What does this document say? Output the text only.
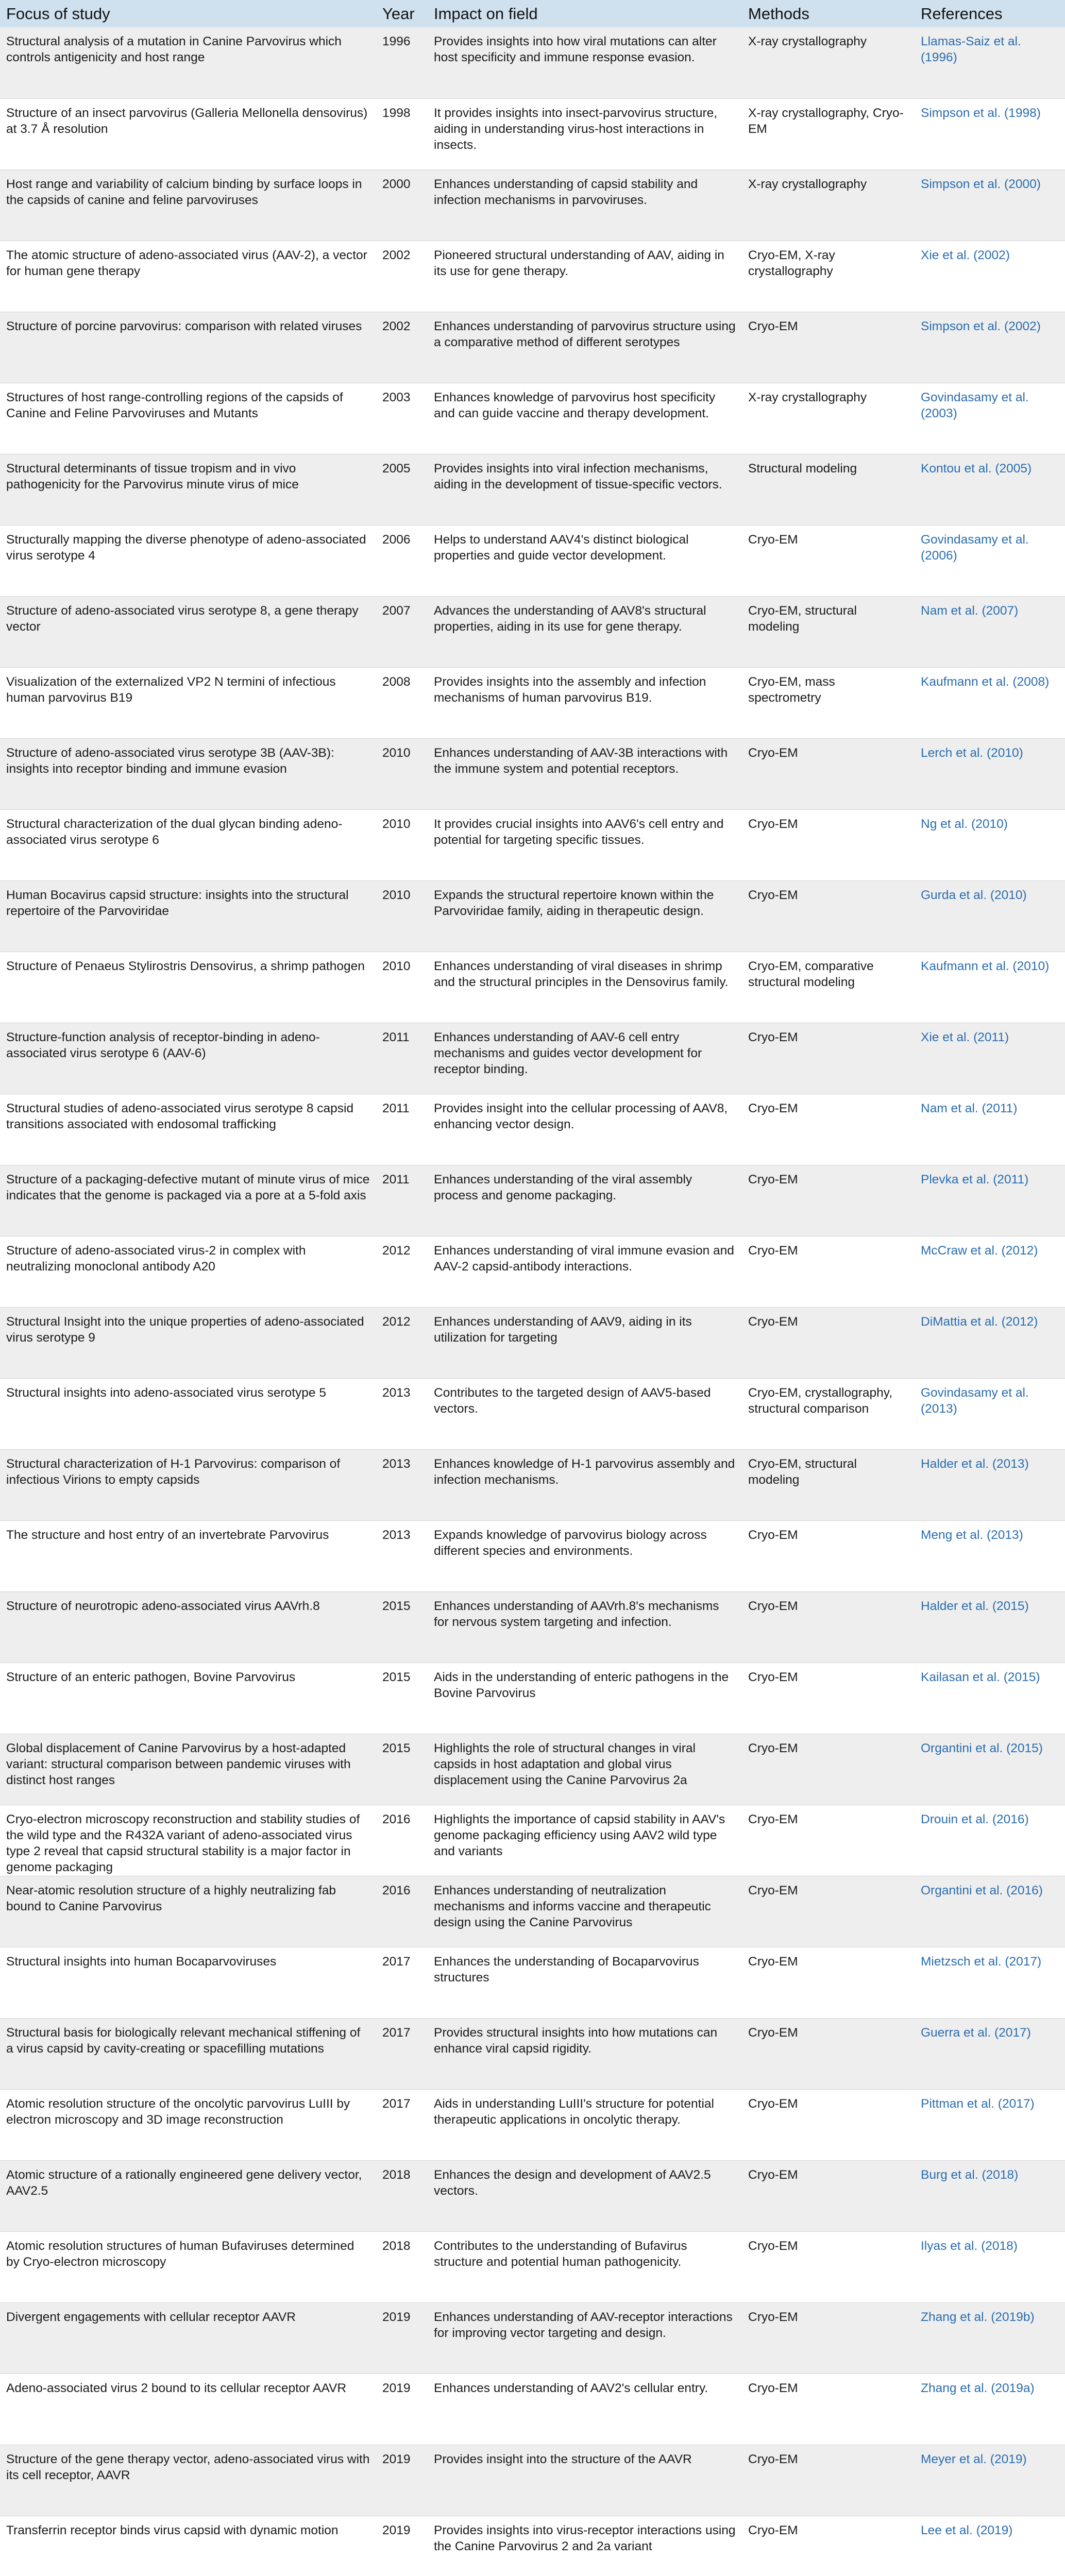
Focus of study	Year	Impact on field	Methods	References
Structural analysis of a mutation in Canine Parvovirus which controls antigenicity and host range	1996	Provides insights into how viral mutations can alter host specificity and immune response evasion.	X-ray crystallography	Llamas-Saiz et al. (1996)
Structure of an insect parvovirus (Galleria Mellonella densovirus) at 3.7 Å resolution	1998	It provides insights into insect-parvovirus structure, aiding in understanding virus-host interactions in insects.	X-ray crystallography, Cryo-EM	Simpson et al. (1998)
Host range and variability of calcium binding by surface loops in the capsids of canine and feline parvoviruses	2000	Enhances understanding of capsid stability and infection mechanisms in parvoviruses.	X-ray crystallography	Simpson et al. (2000)
The atomic structure of adeno-associated virus (AAV-2), a vector for human gene therapy	2002	Pioneered structural understanding of AAV, aiding in its use for gene therapy.	Cryo-EM, X-ray crystallography	Xie et al. (2002)
Structure of porcine parvovirus: comparison with related viruses	2002	Enhances understanding of parvovirus structure using a comparative method of different serotypes	Cryo-EM	Simpson et al. (2002)
Structures of host range-controlling regions of the capsids of Canine and Feline Parvoviruses and Mutants	2003	Enhances knowledge of parvovirus host specificity and can guide vaccine and therapy development.	X-ray crystallography	Govindasamy et al. (2003)
Structural determinants of tissue tropism and in vivo pathogenicity for the Parvovirus minute virus of mice	2005	Provides insights into viral infection mechanisms, aiding in the development of tissue-specific vectors.	Structural modeling	Kontou et al. (2005)
Structurally mapping the diverse phenotype of adeno-associated virus serotype 4	2006	Helps to understand AAV4's distinct biological properties and guide vector development.	Cryo-EM	Govindasamy et al. (2006)
Structure of adeno-associated virus serotype 8, a gene therapy vector	2007	Advances the understanding of AAV8's structural properties, aiding in its use for gene therapy.	Cryo-EM, structural modeling	Nam et al. (2007)
Visualization of the externalized VP2 N termini of infectious human parvovirus B19	2008	Provides insights into the assembly and infection mechanisms of human parvovirus B19.	Cryo-EM, mass spectrometry	Kaufmann et al. (2008)
Structure of adeno-associated virus serotype 3B (AAV-3B): insights into receptor binding and immune evasion	2010	Enhances understanding of AAV-3B interactions with the immune system and potential receptors.	Cryo-EM	Lerch et al. (2010)
Structural characterization of the dual glycan binding adeno-associated virus serotype 6	2010	It provides crucial insights into AAV6's cell entry and potential for targeting specific tissues.	Cryo-EM	Ng et al. (2010)
Human Bocavirus capsid structure: insights into the structural repertoire of the Parvoviridae	2010	Expands the structural repertoire known within the Parvoviridae family, aiding in therapeutic design.	Cryo-EM	Gurda et al. (2010)
Structure of Penaeus Stylirostris Densovirus, a shrimp pathogen	2010	Enhances understanding of viral diseases in shrimp and the structural principles in the Densovirus family.	Cryo-EM, comparative structural modeling	Kaufmann et al. (2010)
Structure-function analysis of receptor-binding in adeno-associated virus serotype 6 (AAV-6)	2011	Enhances understanding of AAV-6 cell entry mechanisms and guides vector development for receptor binding.	Cryo-EM	Xie et al. (2011)
Structural studies of adeno-associated virus serotype 8 capsid transitions associated with endosomal trafficking	2011	Provides insight into the cellular processing of AAV8, enhancing vector design.	Cryo-EM	Nam et al. (2011)
Structure of a packaging-defective mutant of minute virus of mice indicates that the genome is packaged via a pore at a 5-fold axis	2011	Enhances understanding of the viral assembly process and genome packaging.	Cryo-EM	Plevka et al. (2011)
Structure of adeno-associated virus-2 in complex with neutralizing monoclonal antibody A20	2012	Enhances understanding of viral immune evasion and AAV-2 capsid-antibody interactions.	Cryo-EM	McCraw et al. (2012)
Structural Insight into the unique properties of adeno-associated virus serotype 9	2012	Enhances understanding of AAV9, aiding in its utilization for targeting	Cryo-EM	DiMattia et al. (2012)
Structural insights into adeno-associated virus serotype 5	2013	Contributes to the targeted design of AAV5-based vectors.	Cryo-EM, crystallography, structural comparison	Govindasamy et al. (2013)
Structural characterization of H-1 Parvovirus: comparison of infectious Virions to empty capsids	2013	Enhances knowledge of H-1 parvovirus assembly and infection mechanisms.	Cryo-EM, structural modeling	Halder et al. (2013)
The structure and host entry of an invertebrate Parvovirus	2013	Expands knowledge of parvovirus biology across different species and environments.	Cryo-EM	Meng et al. (2013)
Structure of neurotropic adeno-associated virus AAVrh.8	2015	Enhances understanding of AAVrh.8's mechanisms for nervous system targeting and infection.	Cryo-EM	Halder et al. (2015)
Structure of an enteric pathogen, Bovine Parvovirus	2015	Aids in the understanding of enteric pathogens in the Bovine Parvovirus	Cryo-EM	Kailasan et al. (2015)
Global displacement of Canine Parvovirus by a host-adapted variant: structural comparison between pandemic viruses with distinct host ranges	2015	Highlights the role of structural changes in viral capsids in host adaptation and global virus displacement using the Canine Parvovirus 2a	Cryo-EM	Organtini et al. (2015)
Cryo-electron microscopy reconstruction and stability studies of the wild type and the R432A variant of adeno-associated virus type 2 reveal that capsid structural stability is a major factor in genome packaging	2016	Highlights the importance of capsid stability in AAV's genome packaging efficiency using AAV2 wild type and variants	Cryo-EM	Drouin et al. (2016)
Near-atomic resolution structure of a highly neutralizing fab bound to Canine Parvovirus	2016	Enhances understanding of neutralization mechanisms and informs vaccine and therapeutic design using the Canine Parvovirus	Cryo-EM	Organtini et al. (2016)
Structural insights into human Bocaparvoviruses	2017	Enhances the understanding of Bocaparvovirus structures	Cryo-EM	Mietzsch et al. (2017)
Structural basis for biologically relevant mechanical stiffening of a virus capsid by cavity-creating or spacefilling mutations	2017	Provides structural insights into how mutations can enhance viral capsid rigidity.	Cryo-EM	Guerra et al. (2017)
Atomic resolution structure of the oncolytic parvovirus LuIII by electron microscopy and 3D image reconstruction	2017	Aids in understanding LuIII's structure for potential therapeutic applications in oncolytic therapy.	Cryo-EM	Pittman et al. (2017)
Atomic structure of a rationally engineered gene delivery vector, AAV2.5	2018	Enhances the design and development of AAV2.5 vectors.	Cryo-EM	Burg et al. (2018)
Atomic resolution structures of human Bufaviruses determined by Cryo-electron microscopy	2018	Contributes to the understanding of Bufavirus structure and potential human pathogenicity.	Cryo-EM	Ilyas et al. (2018)
Divergent engagements with cellular receptor AAVR	2019	Enhances understanding of AAV-receptor interactions for improving vector targeting and design.	Cryo-EM	Zhang et al. (2019b)
Adeno-associated virus 2 bound to its cellular receptor AAVR	2019	Enhances understanding of AAV2's cellular entry.	Cryo-EM	Zhang et al. (2019a)
Structure of the gene therapy vector, adeno-associated virus with its cell receptor, AAVR	2019	Provides insight into the structure of the AAVR	Cryo-EM	Meyer et al. (2019)
Transferrin receptor binds virus capsid with dynamic motion	2019	Provides insights into virus-receptor interactions using the Canine Parvovirus 2 and 2a variant	Cryo-EM	Lee et al. (2019)
